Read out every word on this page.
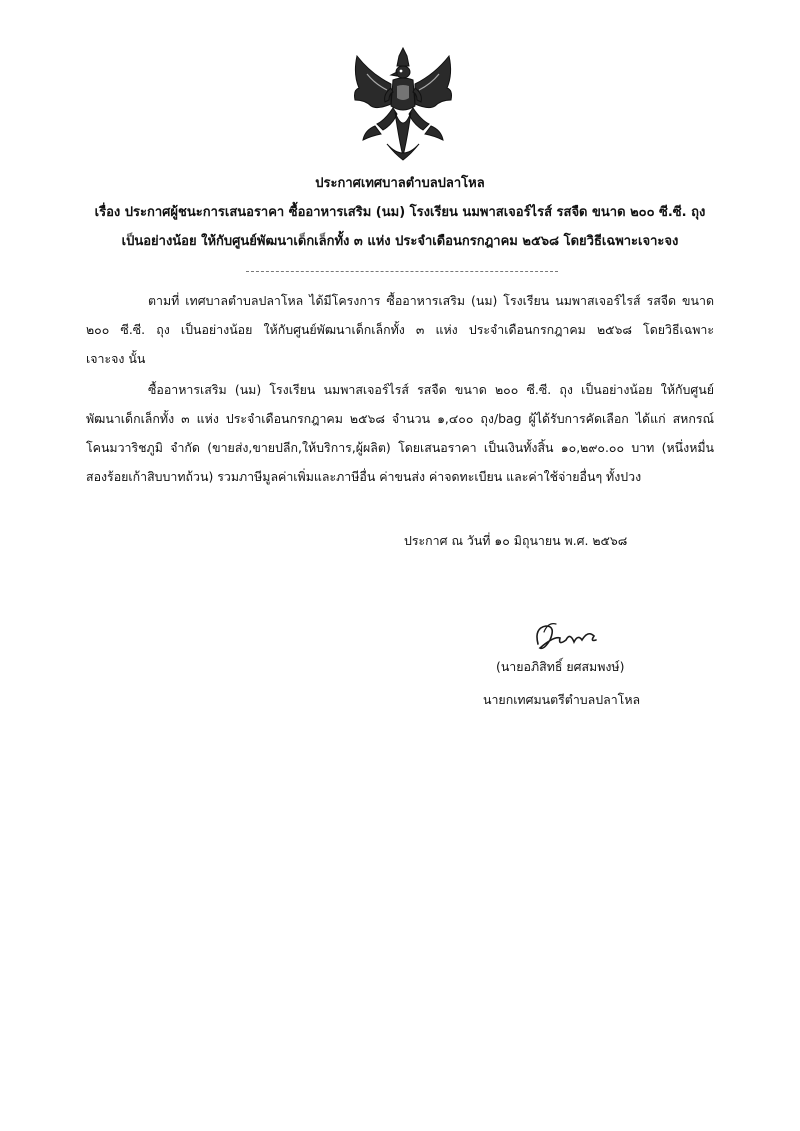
ประกาศเทศบาลตำบลปลาโหล
เรื่อง ประกาศผู้ชนะการเสนอราคา ซื้ออาหารเสริม (นม) โรงเรียน นมพาสเจอร์ไรส์ รสจืด ขนาด ๒๐๐ ซี.ซี. ถุง
เป็นอย่างน้อย ให้กับศูนย์พัฒนาเด็กเล็กทั้ง ๓ แห่ง ประจำเดือนกรกฎาคม ๒๕๖๘ โดยวิธีเฉพาะเจาะจง
ตามที่ เทศบาลตำบลปลาโหล ได้มีโครงการ ซื้ออาหารเสริม (นม) โรงเรียน นมพาสเจอร์ไรส์ รสจืด ขนาด
๒๐๐ ซี.ซี. ถุง เป็นอย่างน้อย ให้กับศูนย์พัฒนาเด็กเล็กทั้ง ๓ แห่ง ประจำเดือนกรกฎาคม ๒๕๖๘ โดยวิธีเฉพาะ
เจาะจง นั้น
ซื้ออาหารเสริม (นม) โรงเรียน นมพาสเจอร์ไรส์ รสจืด ขนาด ๒๐๐ ซี.ซี. ถุง เป็นอย่างน้อย ให้กับศูนย์
พัฒนาเด็กเล็กทั้ง ๓ แห่ง ประจำเดือนกรกฎาคม ๒๕๖๘ จำนวน ๑,๔๐๐ ถุง/bag ผู้ได้รับการคัดเลือก ได้แก่ สหกรณ์
โคนมวาริชภูมิ จำกัด (ขายส่ง,ขายปลีก,ให้บริการ,ผู้ผลิต) โดยเสนอราคา เป็นเงินทั้งสิ้น ๑๐,๒๙๐.๐๐ บาท (หนึ่งหมื่น
สองร้อยเก้าสิบบาทถ้วน) รวมภาษีมูลค่าเพิ่มและภาษีอื่น ค่าขนส่ง ค่าจดทะเบียน และค่าใช้จ่ายอื่นๆ ทั้งปวง
ประกาศ ณ วันที่ ๑๐ มิถุนายน พ.ศ. ๒๕๖๘
(นายอภิสิทธิ์ ยศสมพงษ์)
นายกเทศมนตรีตำบลปลาโหล
